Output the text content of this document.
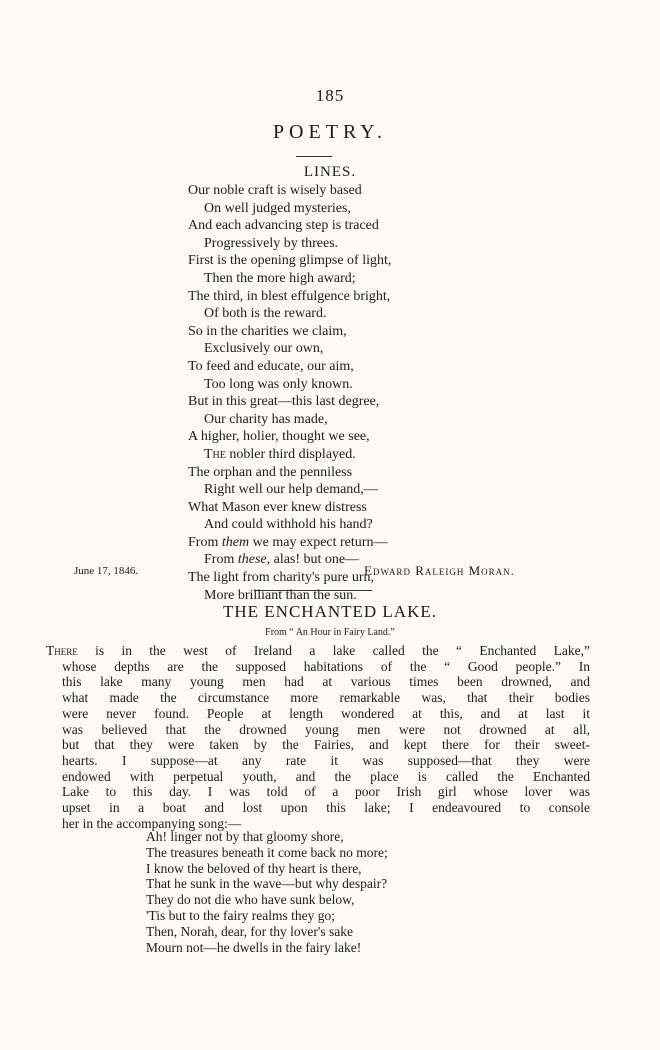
185
POETRY.
LINES.
Our noble craft is wisely based
On well judged mysteries,
And each advancing step is traced
Progressively by threes.
First is the opening glimpse of light,
Then the more high award;
The third, in blest effulgence bright,
Of both is the reward.
So in the charities we claim,
Exclusively our own,
To feed and educate, our aim,
Too long was only known.
But in this great—this last degree,
Our charity has made,
A higher, holier, thought we see,
The nobler third displayed.
The orphan and the penniless
Right well our help demand,—
What Mason ever knew distress
And could withhold his hand?
From them we may expect return—
From these, alas! but one—
The light from charity's pure urn,
More brilliant than the sun.
June 17, 1846.	Edward Raleigh Moran.
THE ENCHANTED LAKE.
From “ An Hour in Fairy Land.”
There is in the west of Ireland a lake called the “ Enchanted Lake,”
whose depths are the supposed habitations of the “ Good people.” In
this lake many young men had at various times been drowned, and
what made the circumstance more remarkable was, that their bodies
were never found. People at length wondered at this, and at last it
was believed that the drowned young men were not drowned at all,
but that they were taken by the Fairies, and kept there for their sweet-
hearts. I suppose—at any rate it was supposed—that they were
endowed with perpetual youth, and the place is called the Enchanted
Lake to this day. I was told of a poor Irish girl whose lover was
upset in a boat and lost upon this lake; I endeavoured to console
her in the accompanying song:—
Ah! linger not by that gloomy shore,
The treasures beneath it come back no more;
I know the beloved of thy heart is there,
That he sunk in the wave—but why despair?
They do not die who have sunk below,
'Tis but to the fairy realms they go;
Then, Norah, dear, for thy lover's sake
Mourn not—he dwells in the fairy lake!
